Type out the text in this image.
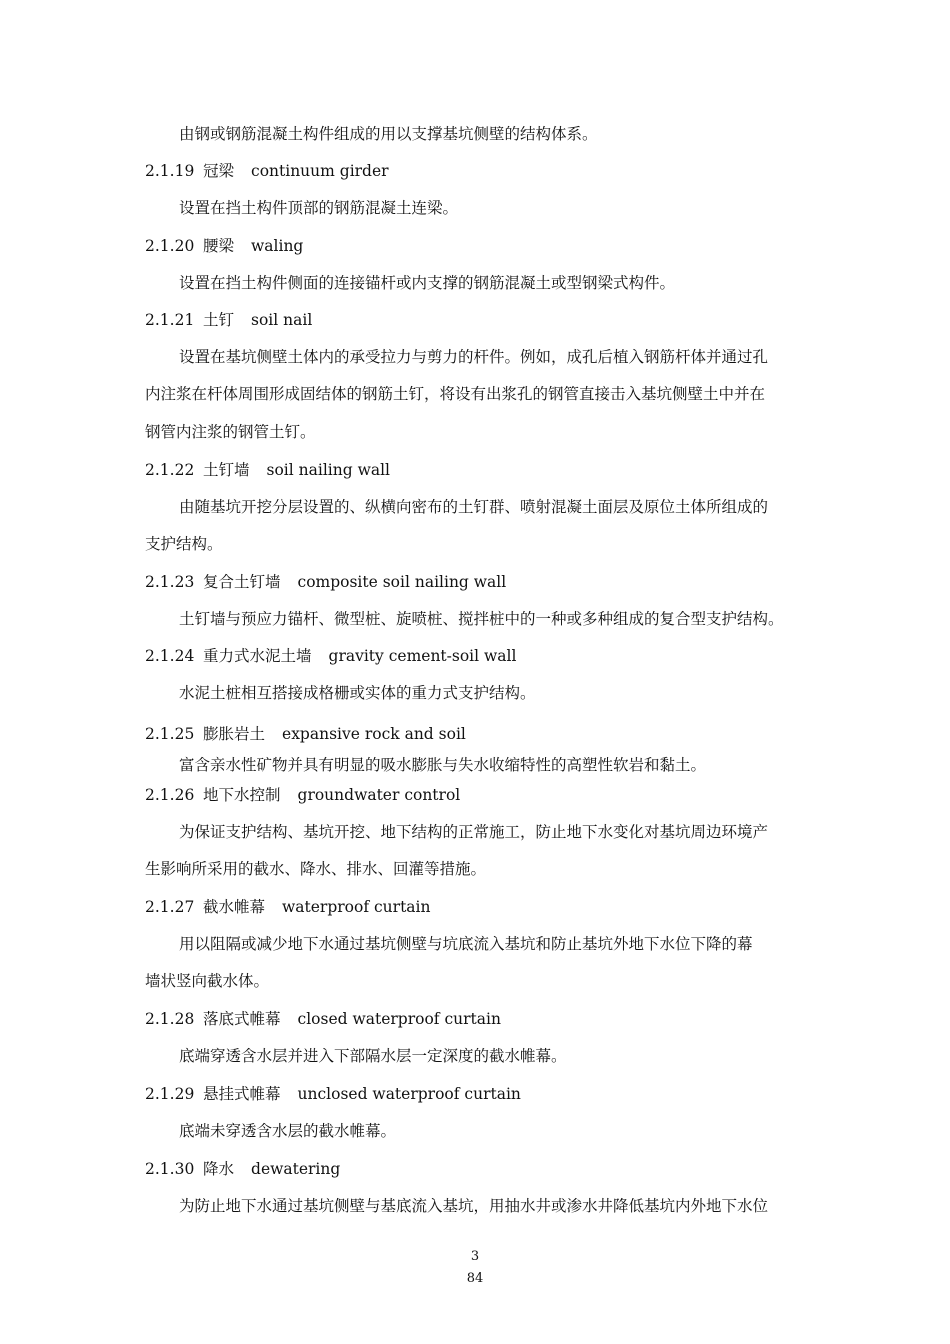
由钢或钢筋混凝土构件组成的用以支撑基坑侧壁的结构体系。
2.1.19 冠梁 continuum girder
设置在挡土构件顶部的钢筋混凝土连梁。
2.1.20 腰梁 waling
设置在挡土构件侧面的连接锚杆或内支撑的钢筋混凝土或型钢梁式构件。
2.1.21 土钉 soil nail
设置在基坑侧壁土体内的承受拉力与剪力的杆件。例如，成孔后植入钢筋杆体并通过孔
内注浆在杆体周围形成固结体的钢筋土钉，将设有出浆孔的钢管直接击入基坑侧壁土中并在
钢管内注浆的钢管土钉。
2.1.22 土钉墙 soil nailing wall
由随基坑开挖分层设置的、纵横向密布的土钉群、喷射混凝土面层及原位土体所组成的
支护结构。
2.1.23 复合土钉墙 composite soil nailing wall
土钉墙与预应力锚杆、微型桩、旋喷桩、搅拌桩中的一种或多种组成的复合型支护结构。
2.1.24 重力式水泥土墙 gravity cement-soil wall
水泥土桩相互搭接成格栅或实体的重力式支护结构。
2.1.25 膨胀岩土 expansive rock and soil
富含亲水性矿物并具有明显的吸水膨胀与失水收缩特性的高塑性软岩和黏土。
2.1.26 地下水控制 groundwater control
为保证支护结构、基坑开挖、地下结构的正常施工，防止地下水变化对基坑周边环境产
生影响所采用的截水、降水、排水、回灌等措施。
2.1.27 截水帷幕 waterproof curtain
用以阻隔或减少地下水通过基坑侧壁与坑底流入基坑和防止基坑外地下水位下降的幕
墙状竖向截水体。
2.1.28 落底式帷幕 closed waterproof curtain
底端穿透含水层并进入下部隔水层一定深度的截水帷幕。
2.1.29 悬挂式帷幕 unclosed waterproof curtain
底端未穿透含水层的截水帷幕。
2.1.30 降水 dewatering
为防止地下水通过基坑侧壁与基底流入基坑，用抽水井或渗水井降低基坑内外地下水位
3
84
